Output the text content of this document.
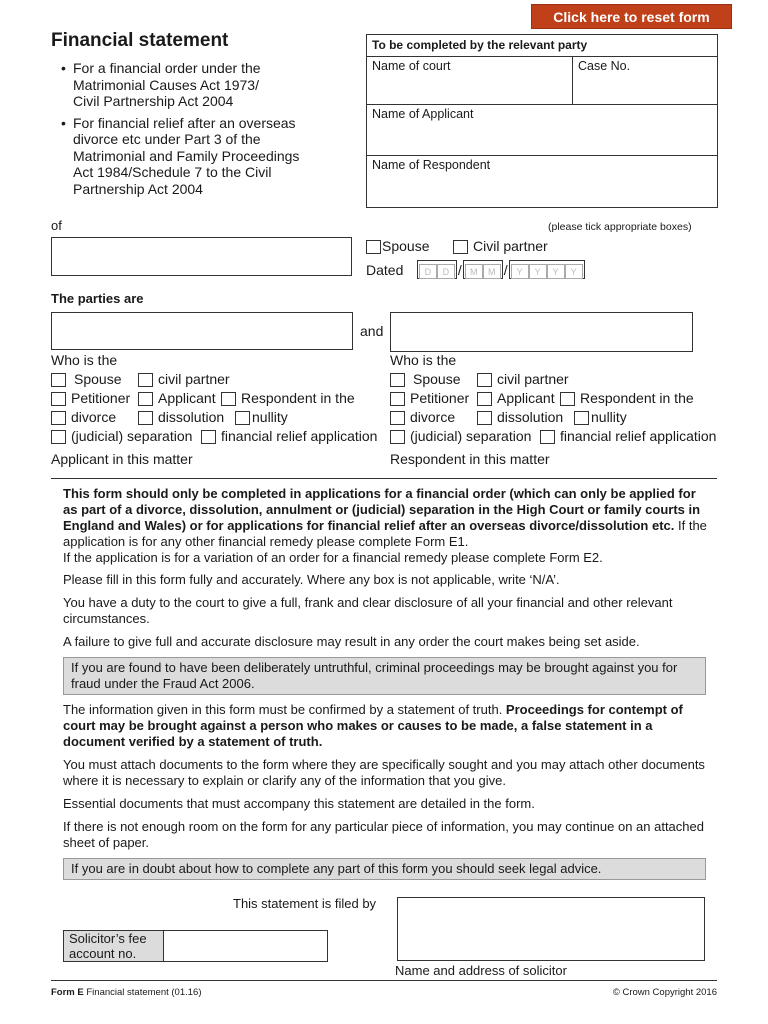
Click here to reset form
Financial statement
• For a financial order under the
Matrimonial Causes Act 1973/
Civil Partnership Act 2004
• For financial relief after an overseas
divorce etc under Part 3 of the
Matrimonial and Family Proceedings
Act 1984/Schedule 7 to the Civil
Partnership Act 2004
To be completed by the relevant party
Name of court	Case No.
Name of Applicant
Name of Respondent
of	(please tick appropriate boxes)
Spouse	Civil partner
Dated D D / M M / Y Y Y Y
The parties are
and
Who is the
Spouse	civil partner
Petitioner	Applicant	Respondent in the
divorce	dissolution	nullity
(judicial) separation	financial relief application
Applicant in this matter
Who is the
Spouse	civil partner
Petitioner	Applicant	Respondent in the
divorce	dissolution	nullity
(judicial) separation	financial relief application
Respondent in this matter
This form should only be completed in applications for a financial order (which can only be applied for as part of a divorce, dissolution, annulment or (judicial) separation in the High Court or family courts in England and Wales) or for applications for financial relief after an overseas divorce/dissolution etc. If the application is for any other financial remedy please complete Form E1.
If the application is for a variation of an order for a financial remedy please complete Form E2.
Please fill in this form fully and accurately. Where any box is not applicable, write ‘N/A’.
You have a duty to the court to give a full, frank and clear disclosure of all your financial and other relevant circumstances.
A failure to give full and accurate disclosure may result in any order the court makes being set aside.
If you are found to have been deliberately untruthful, criminal proceedings may be brought against you for fraud under the Fraud Act 2006.
The information given in this form must be confirmed by a statement of truth. Proceedings for contempt of court may be brought against a person who makes or causes to be made, a false statement in a document verified by a statement of truth.
You must attach documents to the form where they are specifically sought and you may attach other documents where it is necessary to explain or clarify any of the information that you give.
Essential documents that must accompany this statement are detailed in the form.
If there is not enough room on the form for any particular piece of information, you may continue on an attached sheet of paper.
If you are in doubt about how to complete any part of this form you should seek legal advice.
This statement is filed by
Name and address of solicitor
Solicitor’s fee account no.
Form E Financial statement (01.16)	© Crown Copyright 2016
